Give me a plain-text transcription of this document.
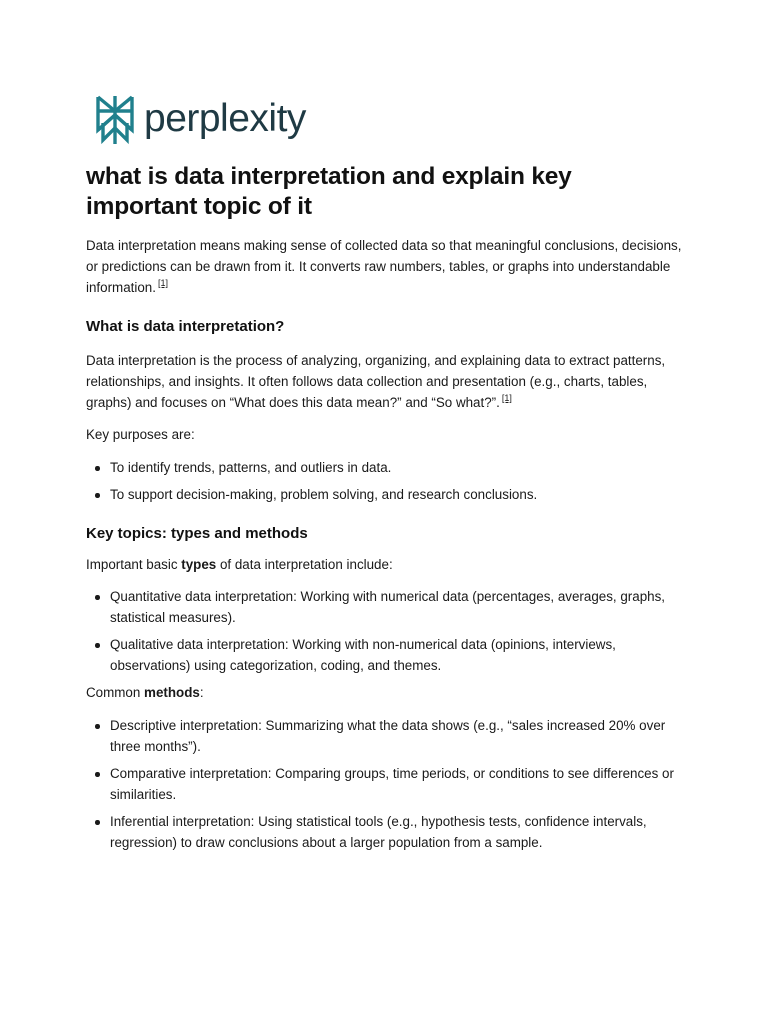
perplexity
what is data interpretation and explain key important topic of it

Data interpretation means making sense of collected data so that meaningful conclusions, decisions, or predictions can be drawn from it. It converts raw numbers, tables, or graphs into understandable information. [1]

What is data interpretation?

Data interpretation is the process of analyzing, organizing, and explaining data to extract patterns, relationships, and insights. It often follows data collection and presentation (e.g., charts, tables, graphs) and focuses on “What does this data mean?” and “So what?”. [1]

Key purposes are:

To identify trends, patterns, and outliers in data.
To support decision-making, problem solving, and research conclusions.
Key topics: types and methods

Important basic types of data interpretation include:

Quantitative data interpretation: Working with numerical data (percentages, averages, graphs, statistical measures).
Qualitative data interpretation: Working with non-numerical data (opinions, interviews, observations) using categorization, coding, and themes.

Common methods:

Descriptive interpretation: Summarizing what the data shows (e.g., “sales increased 20% over three months”).
Comparative interpretation: Comparing groups, time periods, or conditions to see differences or similarities.
Inferential interpretation: Using statistical tools (e.g., hypothesis tests, confidence intervals, regression) to draw conclusions about a larger population from a sample.
